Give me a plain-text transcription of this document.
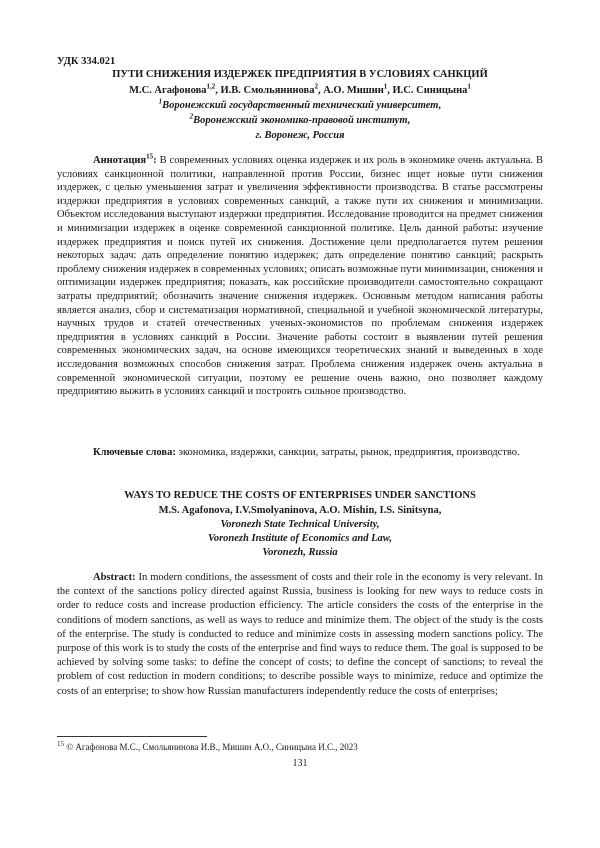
УДК 334.021
ПУТИ СНИЖЕНИЯ ИЗДЕРЖЕК ПРЕДПРИЯТИЯ В УСЛОВИЯХ САНКЦИЙ
М.С. Агафонова$^{1,2}$, И.В. Смольянинова$^2$, А.О. Мишин$^1$, И.С. Синицына$^1$
$^1$Воронежский государственный технический университет,
$^2$Воронежский экономико-правовой институт,
г. Воронеж, Россия
Аннотация$^{15}$: В современных условиях оценка издержек и их роль в экономике очень актуальна. В условиях санкционной политики, направленной против России, бизнес ищет новые пути снижения издержек, с целью уменьшения затрат и увеличения эффективности производства. В статье рассмотрены издержки предприятия в условиях современных санкций, а также пути их снижения и минимизации. Объектом исследования выступают издержки предприятия. Исследование проводится на предмет снижения и минимизации издержек в оценке современной санкционной политике. Цель данной работы: изучение издержек предприятия и поиск путей их снижения. Достижение цели предполагается путем решения некоторых задач: дать определение понятию издержек; дать определение понятию санкций; раскрыть проблему снижения издержек в современных условиях; описать возможные пути минимизации, снижения и оптимизации издержек предприятия; показать, как российские производители самостоятельно сокращают затраты предприятий; обозначить значение снижения издержек. Основным методом написания работы является анализ, сбор и систематизация нормативной, специальной и учебной экономической литературы, научных трудов и статей отечественных ученых-экономистов по проблемам снижения издержек предприятия в условиях санкций в России. Значение работы состоит в выявлении путей решения современных экономических задач, на основе имеющихся теоретических знаний и выведенных в ходе исследования возможных способов снижения затрат. Проблема снижения издержек очень актуальна в современной экономической ситуации, поэтому ее решение очень важно, оно позволяет каждому предприятию выжить в условиях санкций и построить сильное производство.
Ключевые слова: экономика, издержки, санкции, затраты, рынок, предприятия, производство.
WAYS TO REDUCE THE COSTS OF ENTERPRISES UNDER SANCTIONS
M.S. Agafonova, I.V.Smolyaninova, A.O. Mishin, I.S. Sinitsyna,
Voronezh State Technical University,
Voronezh Institute of Economics and Law,
Voronezh, Russia
Abstract: In modern conditions, the assessment of costs and their role in the economy is very relevant. In the context of the sanctions policy directed against Russia, business is looking for new ways to reduce costs in order to reduce costs and increase production efficiency. The article considers the costs of the enterprise in the conditions of modern sanctions, as well as ways to reduce and minimize them. The object of the study is the costs of the enterprise. The study is conducted to reduce and minimize costs in assessing modern sanctions policy. The purpose of this work is to study the costs of the enterprise and find ways to reduce them. The goal is supposed to be achieved by solving some tasks: to define the concept of costs; to define the concept of sanctions; to reveal the problem of cost reduction in modern conditions; to describe possible ways to minimize, reduce and optimize the costs of an enterprise; to show how Russian manufacturers independently reduce the costs of enterprises;
$^{15}$ © Агафонова М.С., Смольянинова И.В., Мишин А.О., Синицына И.С., 2023
131
